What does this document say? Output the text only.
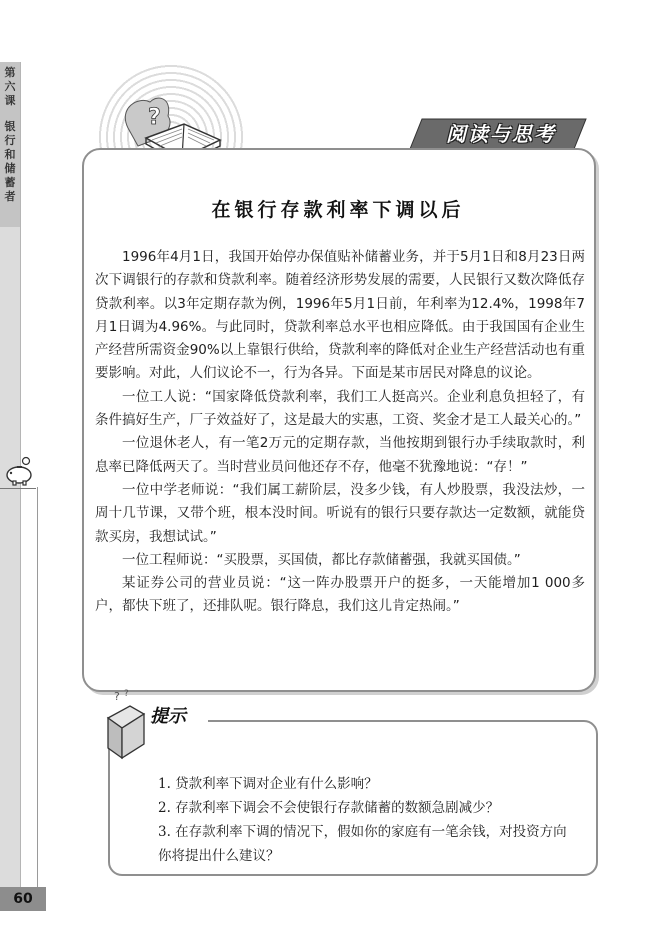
第六课
银行和储蓄者
?
阅读与思考
在银行存款利率下调以后

1996年4月1日，我国开始停办保值贴补储蓄业务，并于5月1日和8月23日两次下调银行的存款和贷款利率。随着经济形势发展的需要，人民银行又数次降低存贷款利率。以3年定期存款为例，1996年5月1日前，年利率为12.4%，1998年7月1日调为4.96%。与此同时，贷款利率总水平也相应降低。由于我国国有企业生产经营所需资金90%以上靠银行供给，贷款利率的降低对企业生产经营活动也有重要影响。对此，人们议论不一，行为各异。下面是某市居民对降息的议论。

一位工人说：“国家降低贷款利率，我们工人挺高兴。企业利息负担轻了，有条件搞好生产，厂子效益好了，这是最大的实惠，工资、奖金才是工人最关心的。”

一位退休老人，有一笔2万元的定期存款，当他按期到银行办手续取款时，利息率已降低两天了。当时营业员问他还存不存，他毫不犹豫地说：“存！”

一位中学老师说：“我们属工薪阶层，没多少钱，有人炒股票，我没法炒，一周十几节课，又带个班，根本没时间。听说有的银行只要存款达一定数额，就能贷款买房，我想试试。”

一位工程师说：“买股票，买国债，都比存款储蓄强，我就买国债。”

某证券公司的营业员说：“这一阵办股票开户的挺多，一天能增加1 000多户，都快下班了，还排队呢。银行降息，我们这儿肯定热闹。”

? ?
提示
1. 贷款利率下调对企业有什么影响？
2. 存款利率下调会不会使银行存款储蓄的数额急剧减少？
3. 在存款利率下调的情况下，假如你的家庭有一笔余钱，对投资方向你将提出什么建议？
60
